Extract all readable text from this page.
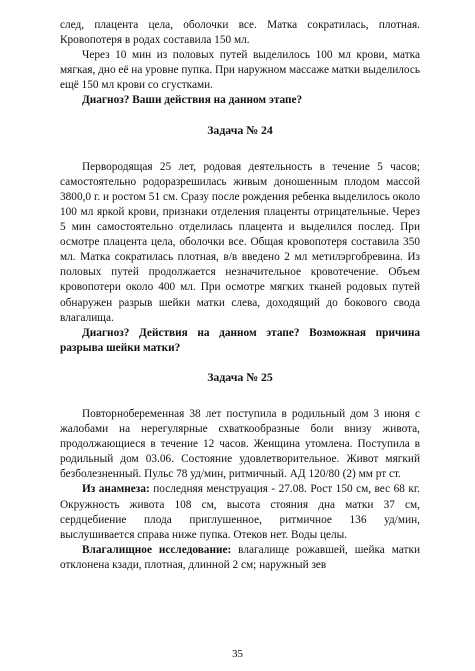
след, плацента цела, оболочки все. Матка сократилась, плотная. Кровопотеря в родах составила 150 мл.

Через 10 мин из половых путей выделилось 100 мл крови, матка мягкая, дно её на уровне пупка. При наружном массаже матки выделилось ещё 150 мл крови со сгустками.

Диагноз? Ваши действия на данном этапе?

Задача № 24

Первородящая 25 лет, родовая деятельность в течение 5 часов; самостоятельно родоразрешилась живым доношенным плодом массой 3800,0 г. и ростом 51 см. Сразу после рождения ребенка выделилось около 100 мл яркой крови, признаки отделения плаценты отрицательные. Через 5 мин самостоятельно отделилась плацента и выделился послед. При осмотре плацента цела, оболочки все. Общая кровопотеря составила 350 мл. Матка сократилась плотная, в/в введено 2 мл метилэргобревина. Из половых путей продолжается незначительное кровотечение. Объем кровопотери около 400 мл. При осмотре мягких тканей родовых путей обнаружен разрыв шейки матки слева, доходящий до бокового свода влагалища.

Диагноз? Действия на данном этапе? Возможная причина разрыва шейки матки?

Задача № 25

Повторнобеременная 38 лет поступила в родильный дом 3 июня с жалобами на нерегулярные схваткообразные боли внизу живота, продолжающиеся в течение 12 часов. Женщина утомлена. Поступила в родильный дом 03.06. Состояние удовлетворительное. Живот мягкий безболезненный. Пульс 78 уд/мин, ритмичный. АД 120/80 (2) мм рт ст.

Из анамнеза: последняя менструация - 27.08. Рост 150 см, вес 68 кг. Окружность живота 108 см, высота стояния дна матки 37 см, сердцебиение плода приглушенное, ритмичное 136 уд/мин, выслушивается справа ниже пупка. Отеков нет. Воды целы.

Влагалищное исследование: влагалище рожавшей, шейка матки отклонена кзади, плотная, длинной 2 см; наружный зев

35
